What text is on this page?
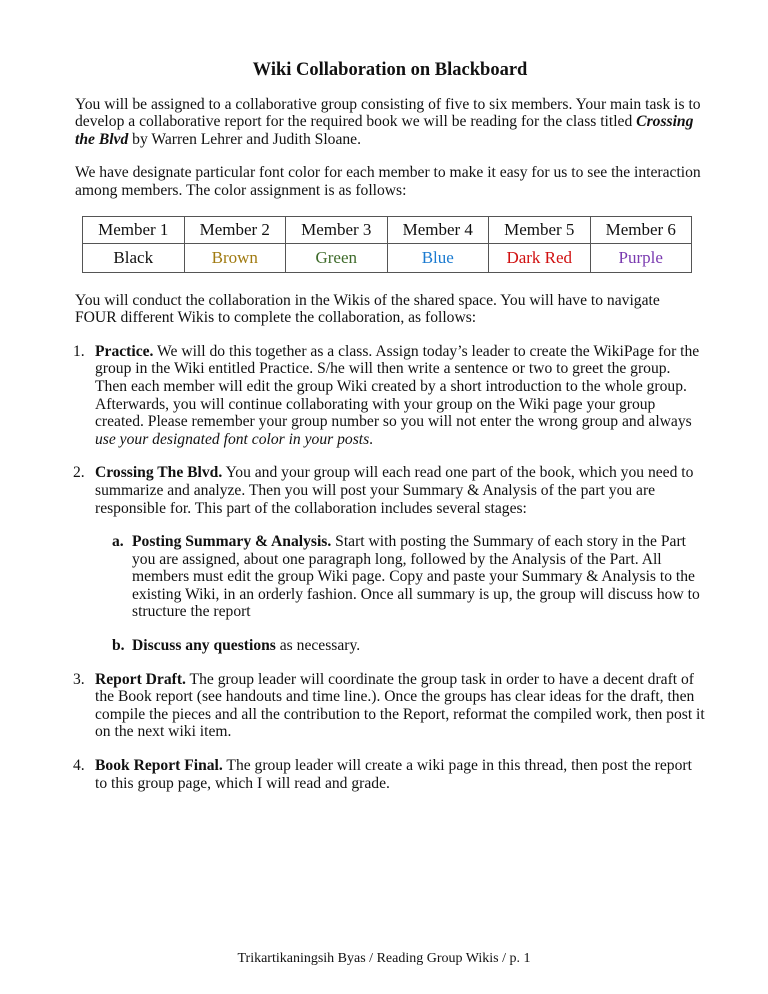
Wiki Collaboration on Blackboard

You will be assigned to a collaborative group consisting of five to six members. Your main task is to develop a collaborative report for the required book we will be reading for the class titled Crossing the Blvd by Warren Lehrer and Judith Sloane.

We have designate particular font color for each member to make it easy for us to see the interaction among members. The color assignment is as follows:

Member 1	Member 2	Member 3	Member 4	Member 5	Member 6
Black	Brown	Green	Blue	Dark Red	Purple

You will conduct the collaboration in the Wikis of the shared space. You will have to navigate FOUR different Wikis to complete the collaboration, as follows:

1. Practice. We will do this together as a class. Assign today’s leader to create the WikiPage for the group in the Wiki entitled Practice. S/he will then write a sentence or two to greet the group. Then each member will edit the group Wiki created by a short introduction to the whole group. Afterwards, you will continue collaborating with your group on the Wiki page your group created. Please remember your group number so you will not enter the wrong group and always use your designated font color in your posts.
2. Crossing The Blvd. You and your group will each read one part of the book, which you need to summarize and analyze. Then you will post your Summary & Analysis of the part you are responsible for. This part of the collaboration includes several stages:
a. Posting Summary & Analysis. Start with posting the Summary of each story in the Part you are assigned, about one paragraph long, followed by the Analysis of the Part. All members must edit the group Wiki page. Copy and paste your Summary & Analysis to the existing Wiki, in an orderly fashion. Once all summary is up, the group will discuss how to structure the report
b. Discuss any questions as necessary.
3. Report Draft. The group leader will coordinate the group task in order to have a decent draft of the Book report (see handouts and time line.). Once the groups has clear ideas for the draft, then compile the pieces and all the contribution to the Report, reformat the compiled work, then post it on the next wiki item.
4. Book Report Final. The group leader will create a wiki page in this thread, then post the report to this group page, which I will read and grade.
Trikartikaningsih Byas / Reading Group Wikis / p. 1
